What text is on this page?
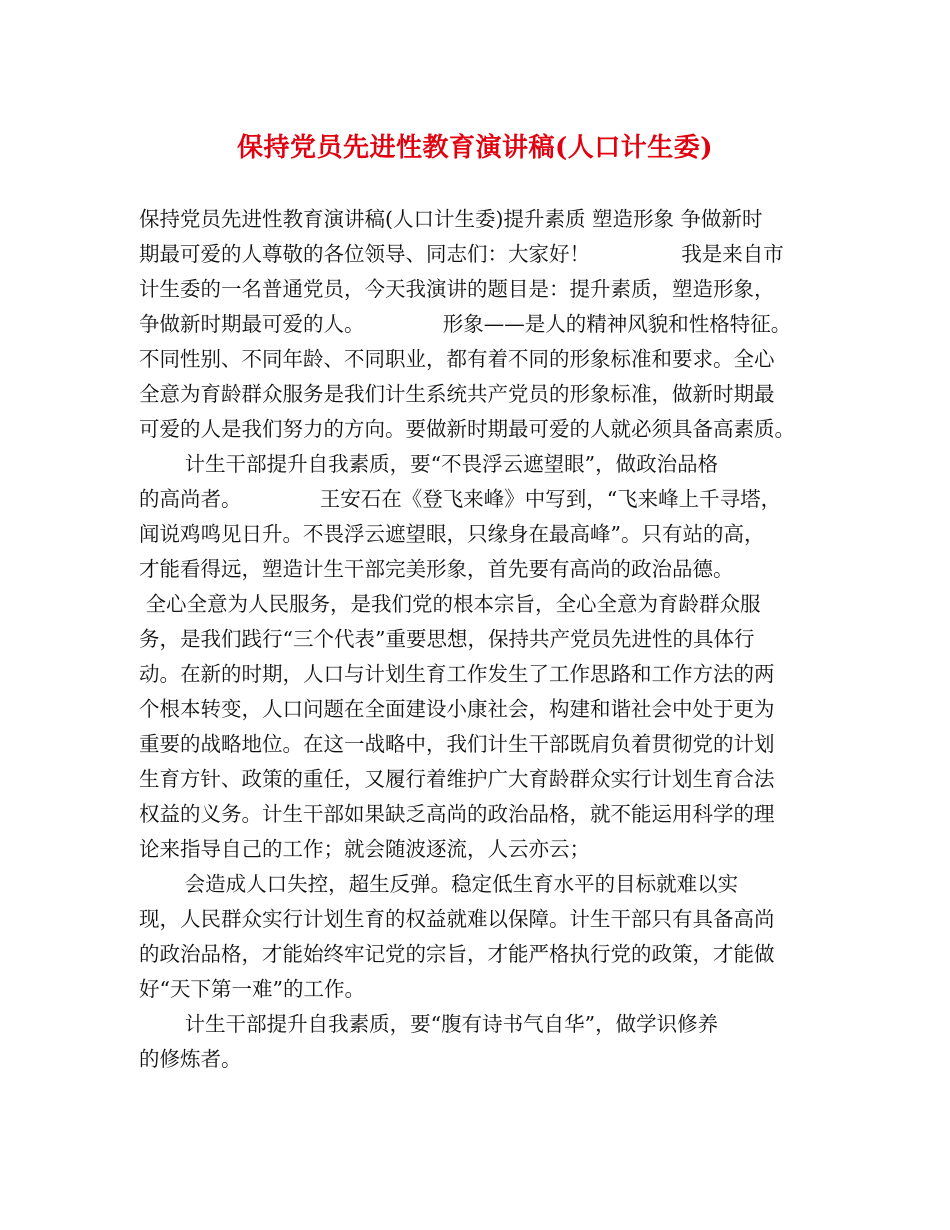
保持党员先进性教育演讲稿(人口计生委)
保持党员先进性教育演讲稿(人口计生委)提升素质 塑造形象 争做新时
期最可爱的人尊敬的各位领导、同志们：大家好！              我是来自市
计生委的一名普通党员，今天我演讲的题目是：提升素质，塑造形象，
争做新时期最可爱的人。            形象——是人的精神风貌和性格特征。
不同性别、不同年龄、不同职业，都有着不同的形象标准和要求。全心
全意为育龄群众服务是我们计生系统共产党员的形象标准，做新时期最
可爱的人是我们努力的方向。要做新时期最可爱的人就必须具备高素质。
计生干部提升自我素质，要“不畏浮云遮望眼”，做政治品格
的高尚者。            王安石在《登飞来峰》中写到，“飞来峰上千寻塔，
闻说鸡鸣见日升。不畏浮云遮望眼，只缘身在最高峰”。只有站的高，
才能看得远，塑造计生干部完美形象，首先要有高尚的政治品德。
全心全意为人民服务，是我们党的根本宗旨，全心全意为育龄群众服
务，是我们践行“三个代表”重要思想，保持共产党员先进性的具体行
动。在新的时期，人口与计划生育工作发生了工作思路和工作方法的两
个根本转变，人口问题在全面建设小康社会，构建和谐社会中处于更为
重要的战略地位。在这一战略中，我们计生干部既肩负着贯彻党的计划
生育方针、政策的重任，又履行着维护广大育龄群众实行计划生育合法
权益的义务。计生干部如果缺乏高尚的政治品格，就不能运用科学的理
论来指导自己的工作；就会随波逐流，人云亦云；
会造成人口失控，超生反弹。稳定低生育水平的目标就难以实
现，人民群众实行计划生育的权益就难以保障。计生干部只有具备高尚
的政治品格，才能始终牢记党的宗旨，才能严格执行党的政策，才能做
好“天下第一难”的工作。
计生干部提升自我素质，要“腹有诗书气自华”，做学识修养
的修炼者。
